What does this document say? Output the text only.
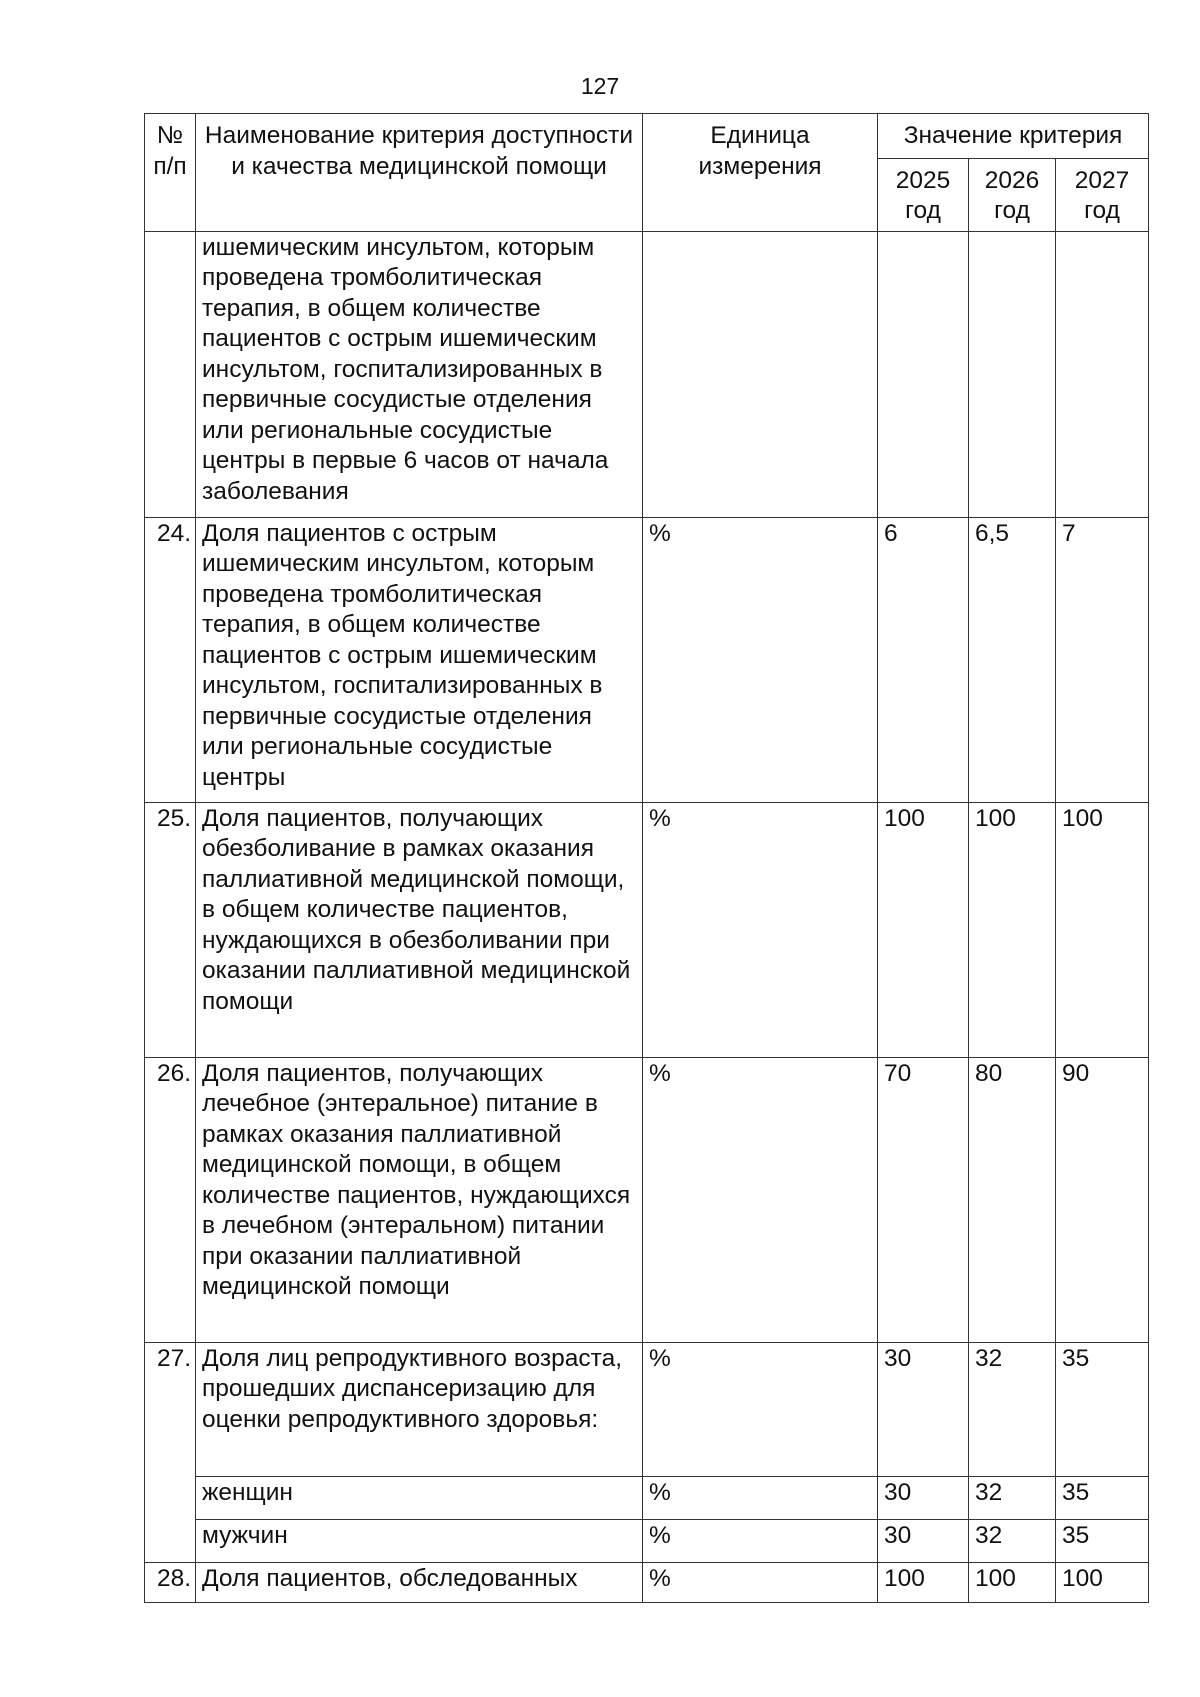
127
№ п/п	Наименование критерия доступности и качества медицинской помощи	Единица измерения	Значение критерия		
			2025 год	2026 год	2027 год
	ишемическим инсультом, которым проведена тромболитическая терапия, в общем количестве пациентов с острым ишемическим инсультом, госпитализированных в первичные сосудистые отделения или региональные сосудистые центры в первые 6 часов от начала заболевания				
24.	Доля пациентов с острым ишемическим инсультом, которым проведена тромболитическая терапия, в общем количестве пациентов с острым ишемическим инсультом, госпитализированных в первичные сосудистые отделения или региональные сосудистые центры	%	6	6,5	7
25.	Доля пациентов, получающих обезболивание в рамках оказания паллиативной медицинской помощи, в общем количестве пациентов, нуждающихся в обезболивании при оказании паллиативной медицинской помощи	%	100	100	100
26.	Доля пациентов, получающих лечебное (энтеральное) питание в рамках оказания паллиативной медицинской помощи, в общем количестве пациентов, нуждающихся в лечебном (энтеральном) питании при оказании паллиативной медицинской помощи	%	70	80	90
27.	Доля лиц репродуктивного возраста, прошедших диспансеризацию для оценки репродуктивного здоровья:	%	30	32	35
	женщин	%	30	32	35
	мужчин	%	30	32	35
28.	Доля пациентов, обследованных	%	100	100	100
